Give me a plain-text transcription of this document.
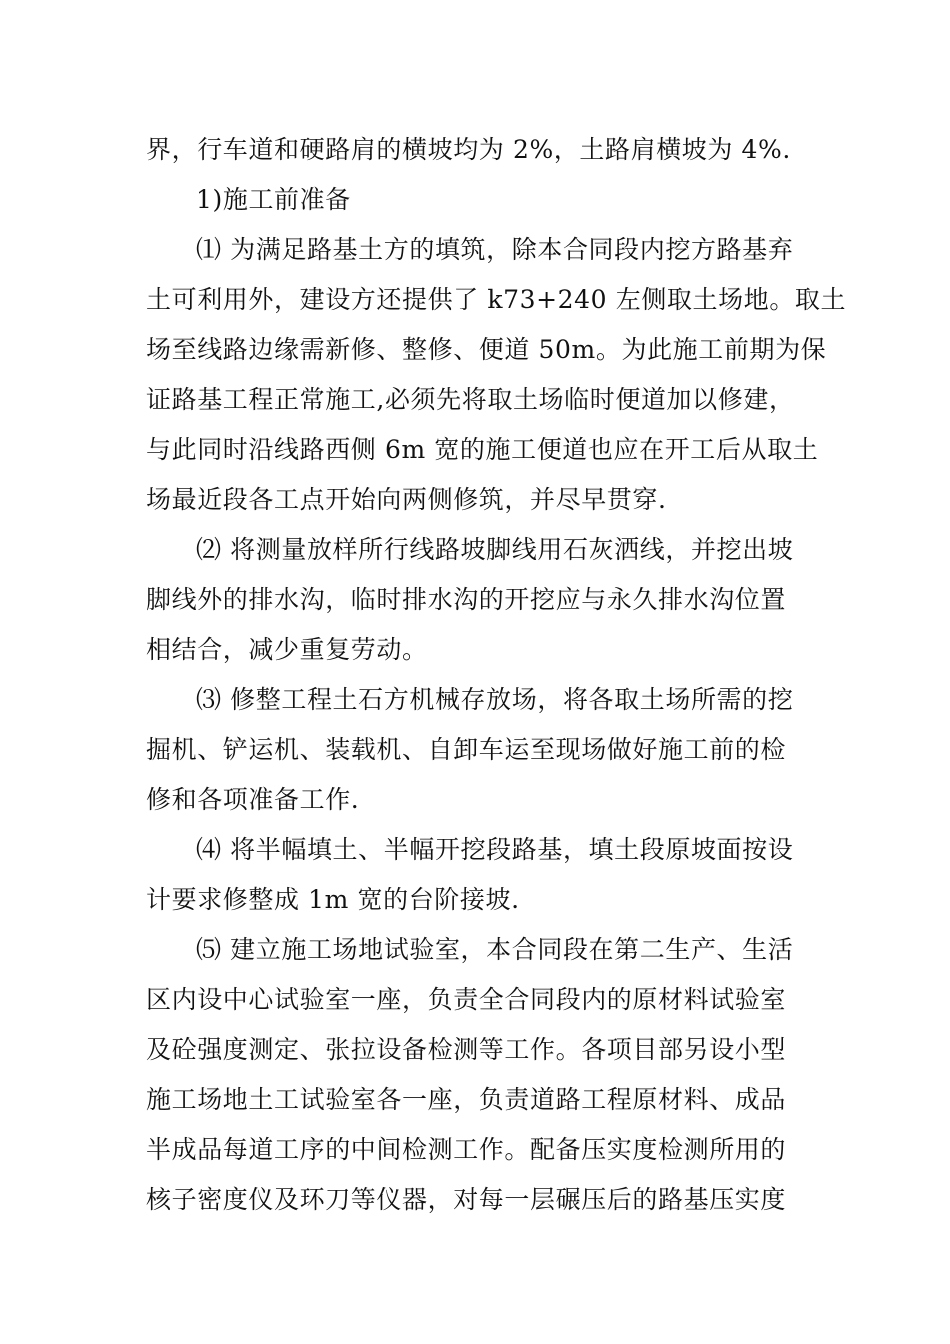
界，行车道和硬路肩的横坡均为 2%，土路肩横坡为 4%.
1)施工前准备
⑴ 为满足路基土方的填筑，除本合同段内挖方路基弃
土可利用外，建设方还提供了 k73+240 左侧取土场地。取土
场至线路边缘需新修、整修、便道 50m。为此施工前期为保
证路基工程正常施工,必须先将取土场临时便道加以修建，
与此同时沿线路西侧 6m 宽的施工便道也应在开工后从取土
场最近段各工点开始向两侧修筑，并尽早贯穿.
⑵ 将测量放样所行线路坡脚线用石灰洒线，并挖出坡
脚线外的排水沟，临时排水沟的开挖应与永久排水沟位置
相结合，减少重复劳动。
⑶ 修整工程土石方机械存放场，将各取土场所需的挖
掘机、铲运机、装载机、自卸车运至现场做好施工前的检
修和各项准备工作.
⑷ 将半幅填土、半幅开挖段路基，填土段原坡面按设
计要求修整成 1m 宽的台阶接坡.
⑸ 建立施工场地试验室，本合同段在第二生产、生活
区内设中心试验室一座，负责全合同段内的原材料试验室
及砼强度测定、张拉设备检测等工作。各项目部另设小型
施工场地土工试验室各一座，负责道路工程原材料、成品
半成品每道工序的中间检测工作。配备压实度检测所用的
核子密度仪及环刀等仪器，对每一层碾压后的路基压实度
